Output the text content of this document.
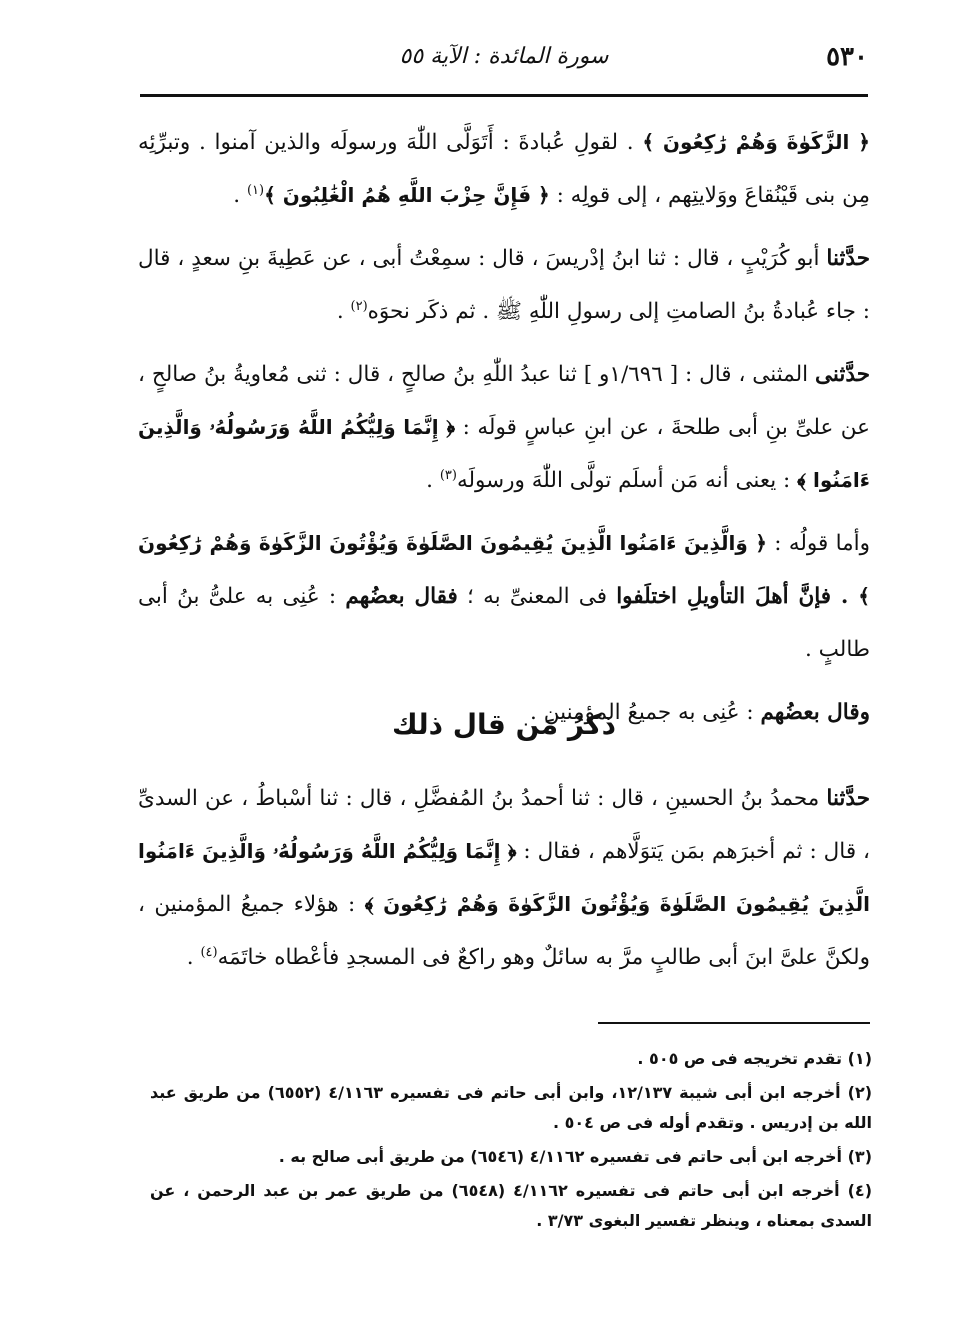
٥٣٠
سورة المائدة : الآية ٥٥

﴿ الزَّكَوٰةَ وَهُمْ رَٰكِعُونَ ﴾ . لقولِ عُبادةَ : أَتَوَلَّى اللّٰهَ ورسولَه والذين آمنوا . وتبرِّئِه مِن بنى قَيْنُقاعَ ووَلايتِهم ، إلى قولِه : ﴿ فَإِنَّ حِزْبَ اللَّهِ هُمُ الْغَٰلِبُونَ ﴾$^{(١)}$ .

حدَّثنا أبو كُرَيْبٍ ، قال : ثنا ابنُ إدْريسَ ، قال : سمِعْتُ أبى ، عن عَطِيةَ بنِ سعدٍ ، قال : جاء عُبادةُ بنُ الصامتِ إلى رسولِ اللّٰهِ ﷺ . ثم ذكَر نحوَه$^{(٢)}$ .

حدَّثنى المثنى ، قال : [ ١/٦٩٦و ] ثنا عبدُ اللّٰهِ بنُ صالحٍ ، قال : ثنى مُعاويةُ بنُ صالحٍ ، عن علىِّ بنِ أبى طلحةَ ، عن ابنِ عباسٍ قولَه : ﴿ إِنَّمَا وَلِيُّكُمُ اللَّهُ وَرَسُولُهُۥ وَالَّذِينَ ءَامَنُوا ﴾ : يعنى أنه مَن أسلَم تولَّى اللّٰهَ ورسولَه$^{(٣)}$ .

وأما قولُه : ﴿ وَالَّذِينَ ءَامَنُوا الَّذِينَ يُقِيمُونَ الصَّلَوٰةَ وَيُؤْتُونَ الزَّكَوٰةَ وَهُمْ رَٰكِعُونَ ﴾ . فإنَّ أهلَ التأويلِ اختلَفوا فى المعنىِّ به ؛ فقال بعضُهم : عُنِى به علىُّ بنُ أبى طالبٍ .

وقال بعضُهم : عُنِى به جميعُ المؤمنين .

ذكرُ مَن قال ذلك

حدَّثنا محمدُ بنُ الحسينِ ، قال : ثنا أحمدُ بنُ المُفضَّلِ ، قال : ثنا أسْباطُ ، عن السدىِّ ، قال : ثم أخبرَهم بمَن يَتوَلَّاهم ، فقال : ﴿ إِنَّمَا وَلِيُّكُمُ اللَّهُ وَرَسُولُهُۥ وَالَّذِينَ ءَامَنُوا الَّذِينَ يُقِيمُونَ الصَّلَوٰةَ وَيُؤْتُونَ الزَّكَوٰةَ وَهُمْ رَٰكِعُونَ ﴾ : هؤلاء جميعُ المؤمنين ، ولكنَّ علىَّ ابنَ أبى طالبٍ مرَّ به سائلٌ وهو راكعٌ فى المسجدِ فأعْطاه خاتَمَه$^{(٤)}$ .

(١) تقدم تخريجه فى ص ٥٠٥ .
(٢) أخرجه ابن أبى شيبة ١٢/١٣٧، وابن أبى حاتم فى تفسيره ٤/١١٦٣ (٦٥٥٢) من طريق عبد الله بن إدريس . وتقدم أوله فى ص ٥٠٤ .
(٣) أخرجه ابن أبى حاتم فى تفسيره ٤/١١٦٢ (٦٥٤٦) من طريق أبى صالح به .
(٤) أخرجه ابن أبى حاتم فى تفسيره ٤/١١٦٢ (٦٥٤٨) من طريق عمر بن عبد الرحمن ، عن السدى بمعناه ، وينظر تفسير البغوى ٣/٧٣ .
